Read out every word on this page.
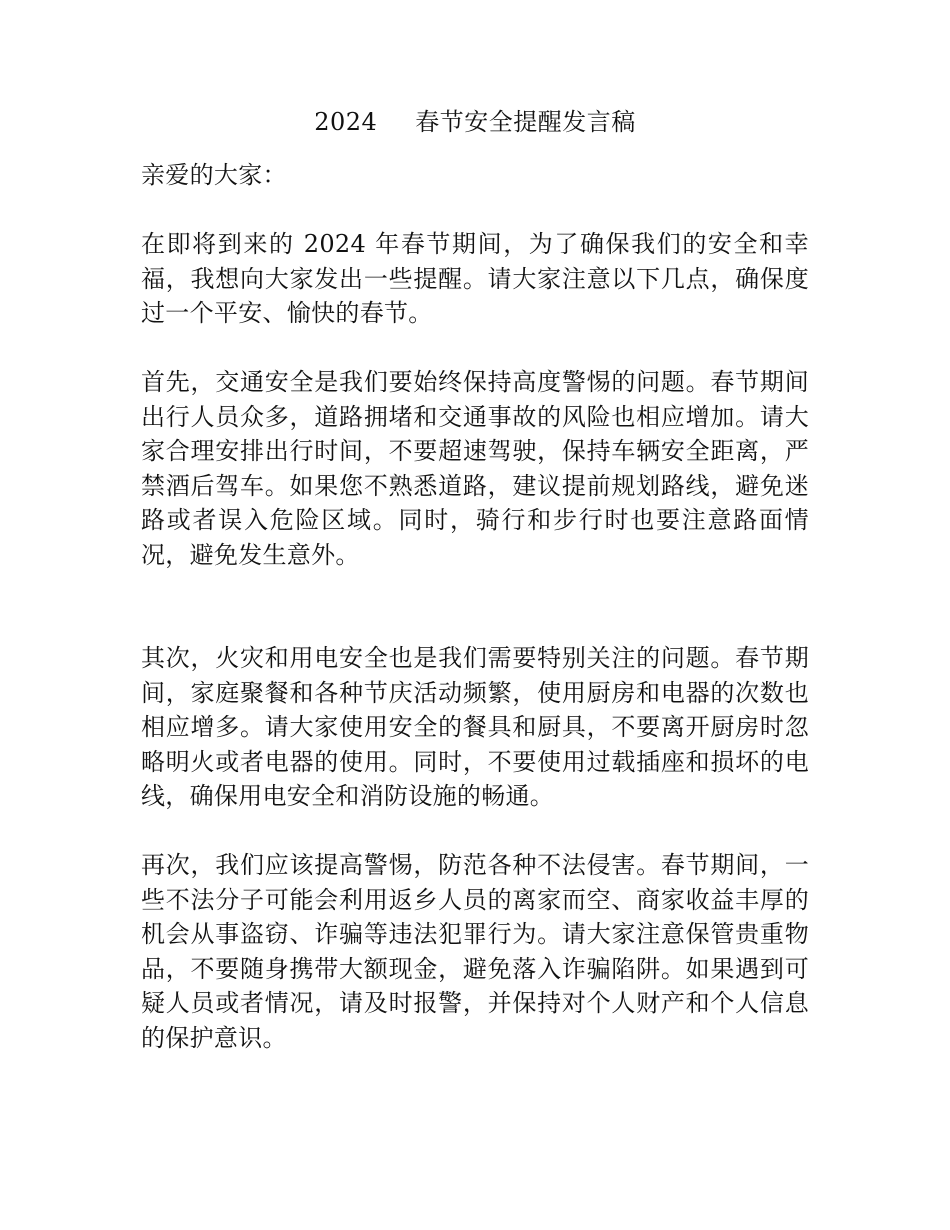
2024 春节安全提醒发言稿

亲爱的大家：

在即将到来的 2024 年春节期间，为了确保我们的安全和幸福，我想向大家发出一些提醒。请大家注意以下几点，确保度过一个平安、愉快的春节。

首先，交通安全是我们要始终保持高度警惕的问题。春节期间出行人员众多，道路拥堵和交通事故的风险也相应增加。请大家合理安排出行时间，不要超速驾驶，保持车辆安全距离，严禁酒后驾车。如果您不熟悉道路，建议提前规划路线，避免迷路或者误入危险区域。同时，骑行和步行时也要注意路面情况，避免发生意外。

其次，火灾和用电安全也是我们需要特别关注的问题。春节期间，家庭聚餐和各种节庆活动频繁，使用厨房和电器的次数也相应增多。请大家使用安全的餐具和厨具，不要离开厨房时忽略明火或者电器的使用。同时，不要使用过载插座和损坏的电线，确保用电安全和消防设施的畅通。

再次，我们应该提高警惕，防范各种不法侵害。春节期间，一些不法分子可能会利用返乡人员的离家而空、商家收益丰厚的机会从事盗窃、诈骗等违法犯罪行为。请大家注意保管贵重物品，不要随身携带大额现金，避免落入诈骗陷阱。如果遇到可疑人员或者情况，请及时报警，并保持对个人财产和个人信息的保护意识。
